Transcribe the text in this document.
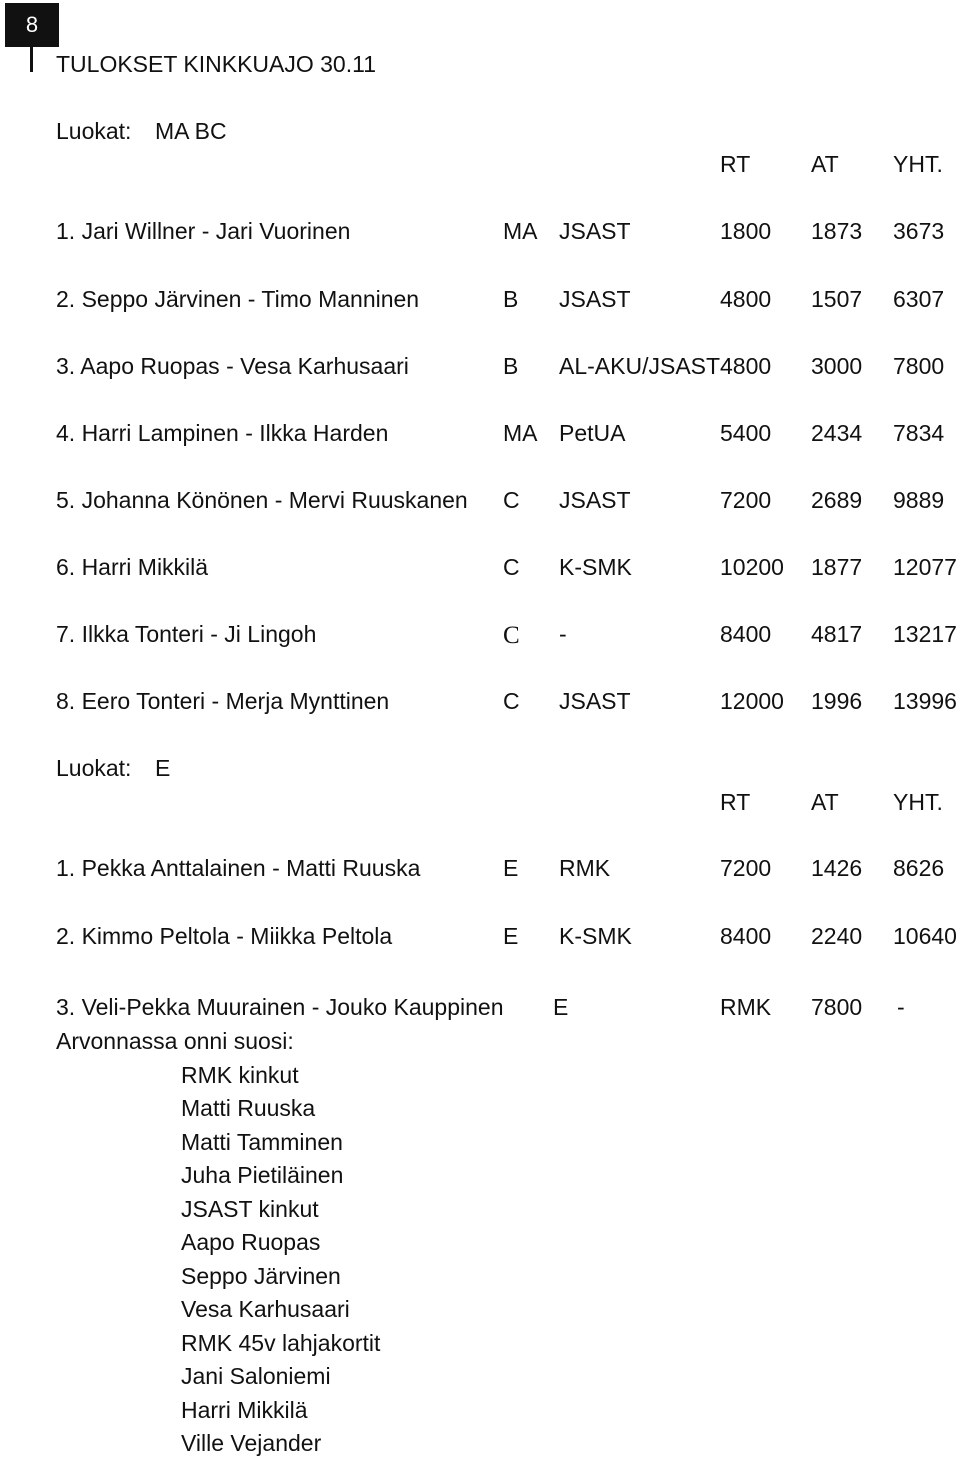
8
TULOKSET KINKKUAJO 30.11
Luokat: MA BC
RT	AT YHT.
1. Jari Willner - Jari Vuorinen	MA JSAST	1800 1873 3673
2. Seppo Järvinen - Timo Manninen	B JSAST	4800 1507 6307
3. Aapo Ruopas - Vesa Karhusaari	B AL-AKU/JSAST 4800 3000 7800
4. Harri Lampinen - Ilkka Harden	MA PetUA	5400 2434 7834
5. Johanna Könönen - Mervi Ruuskanen C JSAST	7200 2689 9889
6. Harri Mikkilä	C K-SMK	10200 1877 12077
7. Ilkka Tonteri - Ji Lingoh	C -	8400 4817 13217
8. Eero Tonteri - Merja Mynttinen	C JSAST	12000 1996 13996
Luokat: E
RT	AT YHT.
1. Pekka Anttalainen - Matti Ruuska	E RMK	7200 1426 8626
2. Kimmo Peltola - Miikka Peltola	E K-SMK	8400 2240 10640
3. Veli-Pekka Muurainen - Jouko Kauppinen E	RMK 7800 -
Arvonnassa onni suosi:
RMK kinkut
Matti Ruuska
Matti Tamminen
Juha Pietiläinen
JSAST kinkut
Aapo Ruopas
Seppo Järvinen
Vesa Karhusaari
RMK 45v lahjakortit
Jani Saloniemi
Harri Mikkilä
Ville Vejander
